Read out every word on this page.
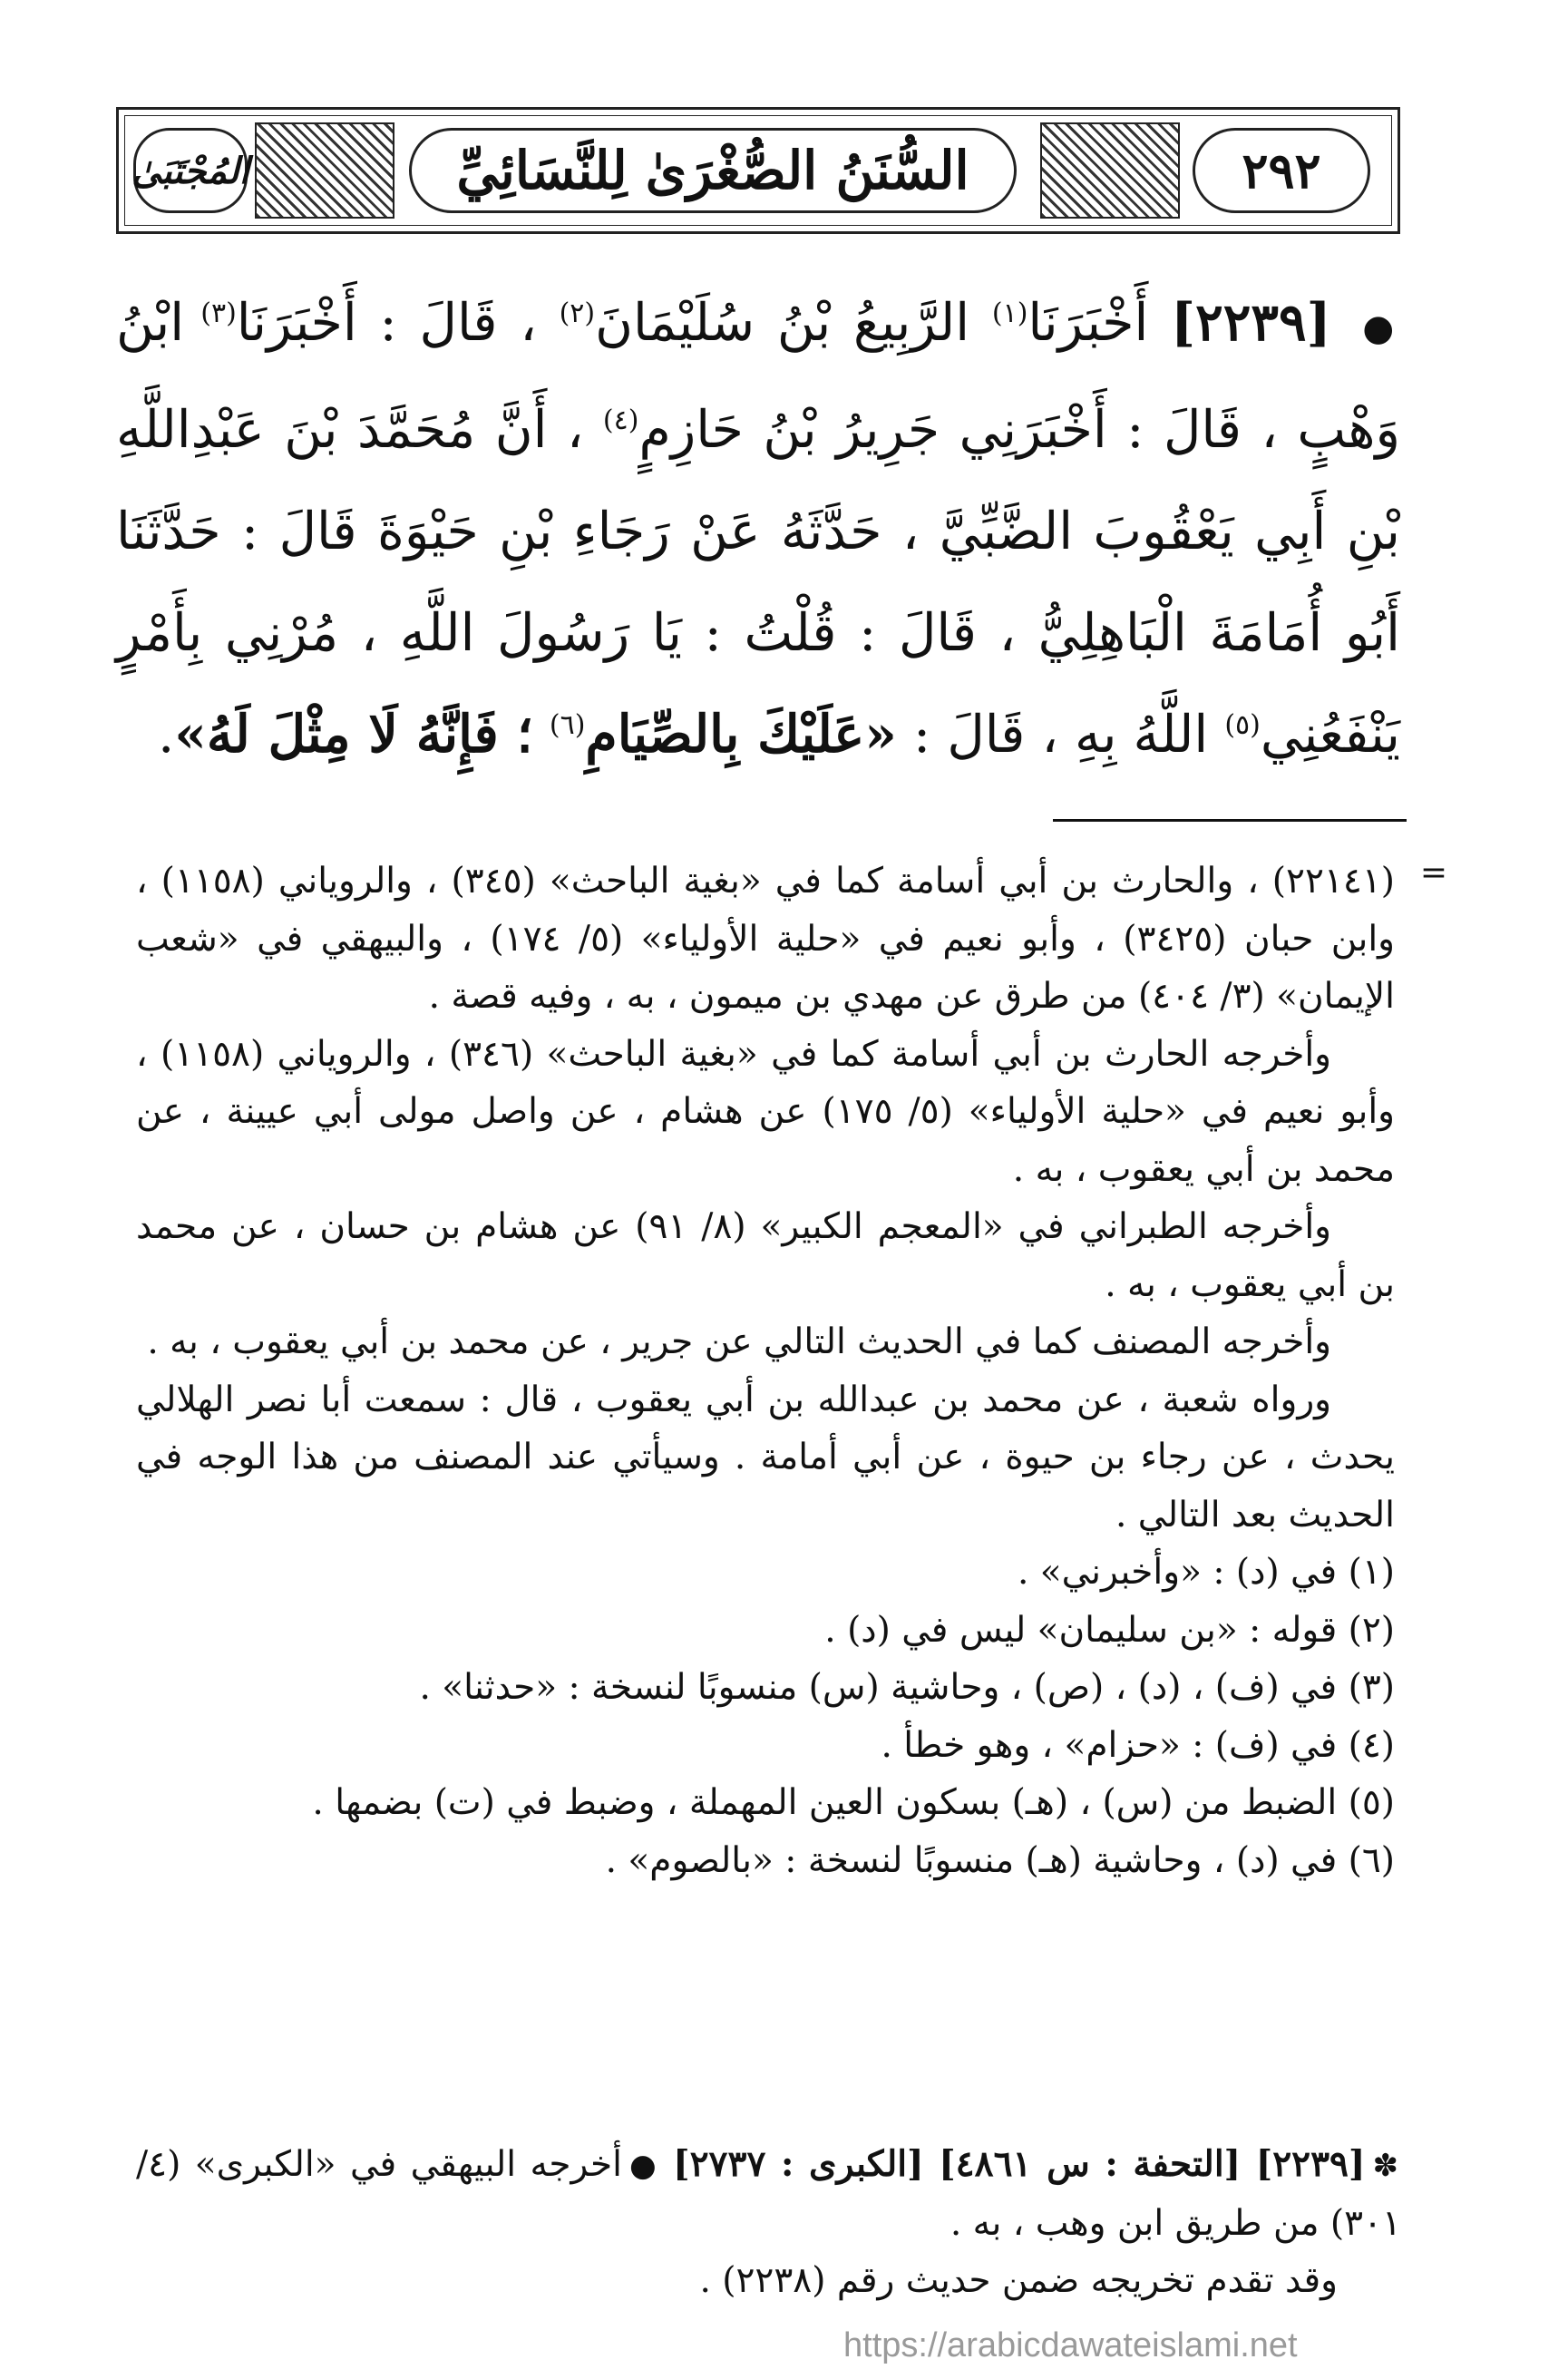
٢٩٢
السُّنَنُ الصُّغْرَىٰ لِلنَّسَائِيِّ
المُجْتَبَىٰ
● [٢٢٣٩] أَخْبَرَنَا$^{(١)}$ الرَّبِيعُ بْنُ سُلَيْمَانَ$^{(٢)}$ ، قَالَ : أَخْبَرَنَا$^{(٣)}$ ابْنُ وَهْبٍ ، قَالَ : أَخْبَرَنِي جَرِيرُ بْنُ حَازِمٍ$^{(٤)}$ ، أَنَّ مُحَمَّدَ بْنَ عَبْدِاللَّهِ بْنِ أَبِي يَعْقُوبَ الضَّبِّيَّ ، حَدَّثَهُ عَنْ رَجَاءِ بْنِ حَيْوَةَ قَالَ : حَدَّثَنَا أَبُو أُمَامَةَ الْبَاهِلِيُّ ، قَالَ : قُلْتُ : يَا رَسُولَ اللَّهِ ، مُرْنِي بِأَمْرٍ يَنْفَعُنِي$^{(٥)}$ اللَّهُ بِهِ ، قَالَ : «عَلَيْكَ بِالصِّيَامِ$^{(٦)}$ ؛ فَإِنَّهُ لَا مِثْلَ لَهُ».
=

(٢٢١٤١) ، والحارث بن أبي أسامة كما في «بغية الباحث» (٣٤٥) ، والروياني (١١٥٨) ، وابن حبان (٣٤٢٥) ، وأبو نعيم في «حلية الأولياء» (٥/ ١٧٤) ، والبيهقي في «شعب الإيمان» (٣/ ٤٠٤) من طرق عن مهدي بن ميمون ، به ، وفيه قصة .

وأخرجه الحارث بن أبي أسامة كما في «بغية الباحث» (٣٤٦) ، والروياني (١١٥٨) ، وأبو نعيم في «حلية الأولياء» (٥/ ١٧٥) عن هشام ، عن واصل مولى أبي عيينة ، عن محمد بن أبي يعقوب ، به .

وأخرجه الطبراني في «المعجم الكبير» (٨/ ٩١) عن هشام بن حسان ، عن محمد بن أبي يعقوب ، به .

وأخرجه المصنف كما في الحديث التالي عن جرير ، عن محمد بن أبي يعقوب ، به .

ورواه شعبة ، عن محمد بن عبدالله بن أبي يعقوب ، قال : سمعت أبا نصر الهلالي يحدث ، عن رجاء بن حيوة ، عن أبي أمامة . وسيأتي عند المصنف من هذا الوجه في الحديث بعد التالي .

(١) في (د) : «وأخبرني» .

(٢) قوله : «بن سليمان» ليس في (د) .

(٣) في (ف) ، (د) ، (ص) ، وحاشية (س) منسوبًا لنسخة : «حدثنا» .

(٤) في (ف) : «حزام» ، وهو خطأ .

(٥) الضبط من (س) ، (هـ) بسكون العين المهملة ، وضبط في (ت) بضمها .

(٦) في (د) ، وحاشية (هـ) منسوبًا لنسخة : «بالصوم» .

✽[٢٢٣٩] [التحفة : س ٤٨٦١] [الكبرى : ٢٧٣٧] ●أخرجه البيهقي في «الكبرى» (٤/ ٣٠١) من طريق ابن وهب ، به .

وقد تقدم تخريجه ضمن حديث رقم (٢٢٣٨) .

https://arabicdawateislami.net
